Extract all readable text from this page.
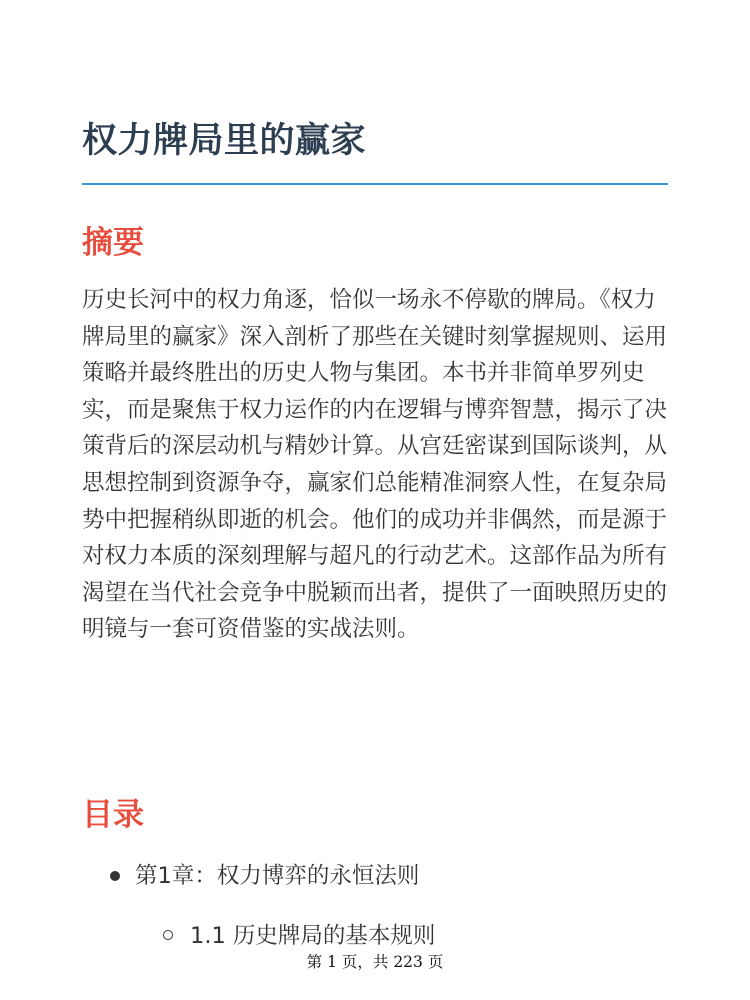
权力牌局里的赢家
摘要

历史长河中的权力角逐，恰似一场永不停歇的牌局。《权力牌局里的赢家》深入剖析了那些在关键时刻掌握规则、运用策略并最终胜出的历史人物与集团。本书并非简单罗列史实，而是聚焦于权力运作的内在逻辑与博弈智慧，揭示了决策背后的深层动机与精妙计算。从宫廷密谋到国际谈判，从思想控制到资源争夺，赢家们总能精准洞察人性，在复杂局势中把握稍纵即逝的机会。他们的成功并非偶然，而是源于对权力本质的深刻理解与超凡的行动艺术。这部作品为所有渴望在当代社会竞争中脱颖而出者，提供了一面映照历史的明镜与一套可资借鉴的实战法则。

目录
第1章：权力博弈的永恒法则
1.1 历史牌局的基本规则
第 1 页，共 223 页
